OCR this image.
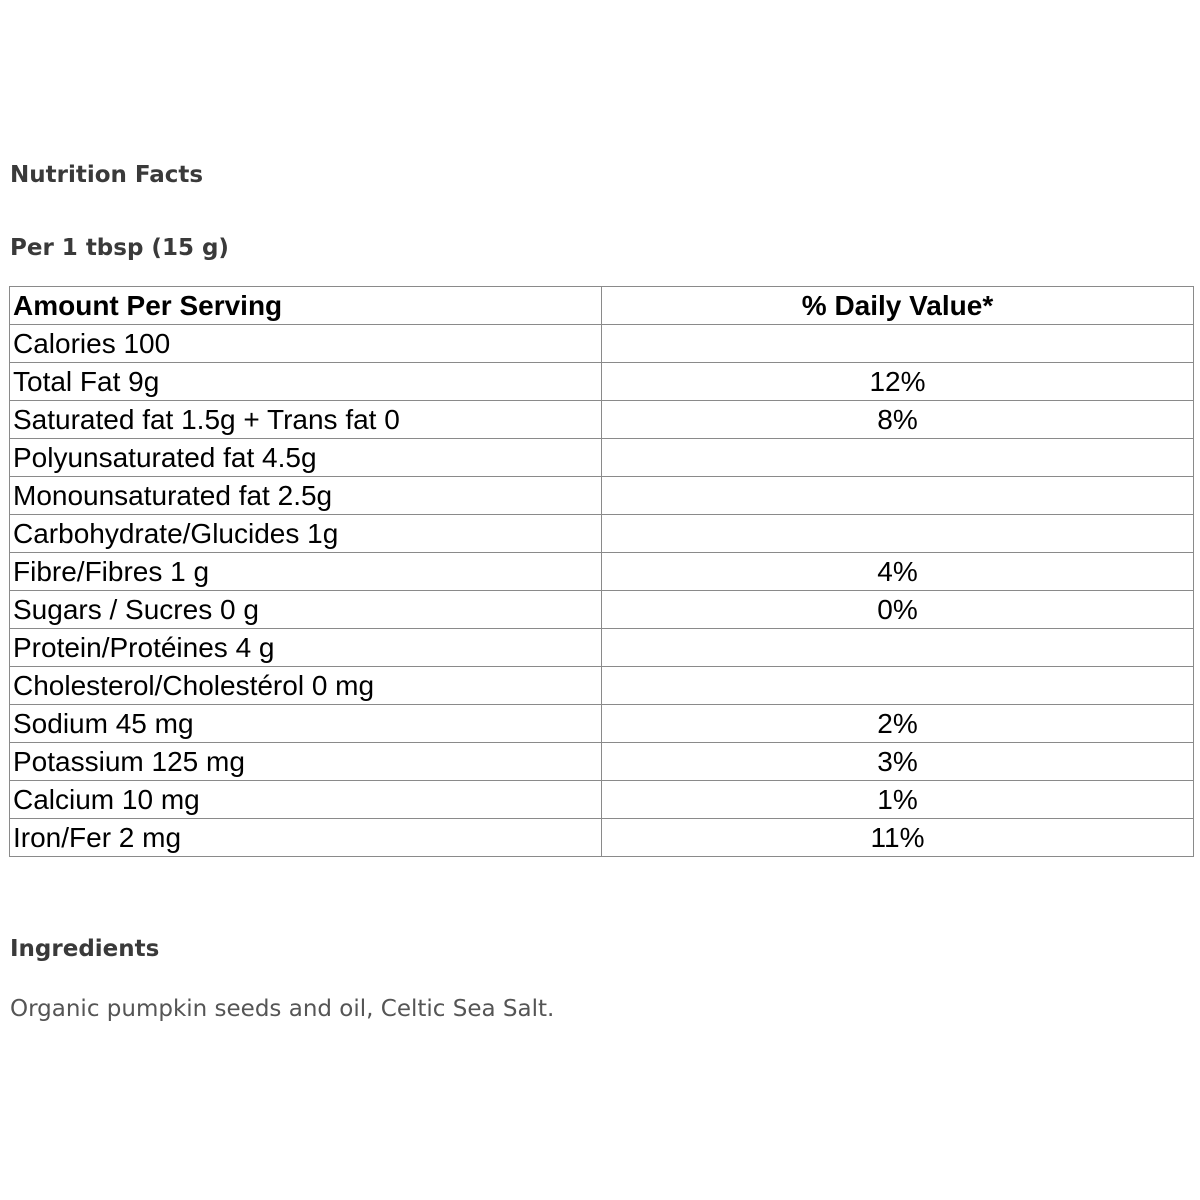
Nutrition Facts
Per 1 tbsp (15 g)
Amount Per Serving	% Daily Value*
Calories 100	
Total Fat 9g	12%
Saturated fat 1.5g + Trans fat 0	8%
Polyunsaturated fat 4.5g	
Monounsaturated fat 2.5g	
Carbohydrate/Glucides 1g	
Fibre/Fibres 1 g	4%
Sugars / Sucres 0 g	0%
Protein/Protéines 4 g	
Cholesterol/Cholestérol 0 mg	
Sodium 45 mg	2%
Potassium 125 mg	3%
Calcium 10 mg	1%
Iron/Fer 2 mg	11%
Ingredients
Organic pumpkin seeds and oil, Celtic Sea Salt.
